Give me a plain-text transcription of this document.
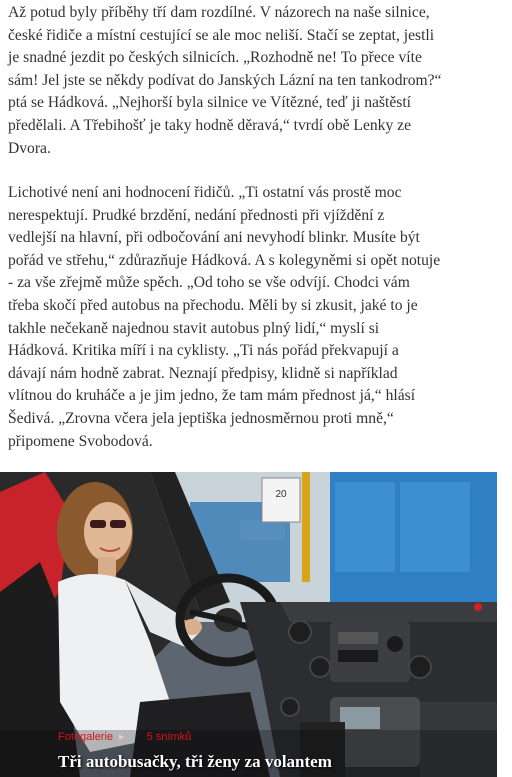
Až potud byly příběhy tří dam rozdílné. V názorech na naše silnice,
české řidiče a místní cestující se ale moc neliší. Stačí se zeptat, jestli
je snadné jezdit po českých silnicích. „Rozhodně ne! To přece víte
sám! Jel jste se někdy podívat do Janských Lázní na ten tankodrom?“
ptá se Hádková. „Nejhorší byla silnice ve Vítězné, teď ji naštěstí
předělali. A Třebihošť je taky hodně děravá,“ tvrdí obě Lenky ze
Dvora.

Lichotivé není ani hodnocení řidičů. „Ti ostatní vás prostě moc
nerespektují. Prudké brzdění, nedání přednosti při vjíždění z
vedlejší na hlavní, při odbočování ani nevyhodí blinkr. Musíte být
pořád ve střehu,“ zdůrazňuje Hádková. A s kolegyněmi si opět notuje
- za vše zřejmě může spěch. „Od toho se vše odvíjí. Chodci vám
třeba skočí před autobus na přechodu. Měli by si zkusit, jaké to je
takhle nečekaně najednou stavit autobus plný lidí,“ myslí si
Hádková. Kritika míří i na cyklisty. „Ti nás pořád překvapují a
dávají nám hodně zabrat. Neznají předpisy, klidně si například
vlítnou do kruháče a je jim jedno, že tam mám přednost já,“ hlásí
Šedivá. „Zrovna včera jela jeptiška jednosměrnou proti mně,“
připomene Svobodová.

20
Fotogalerie ▸ 5 snímků
Tři autobusačky, tři ženy za volantem
